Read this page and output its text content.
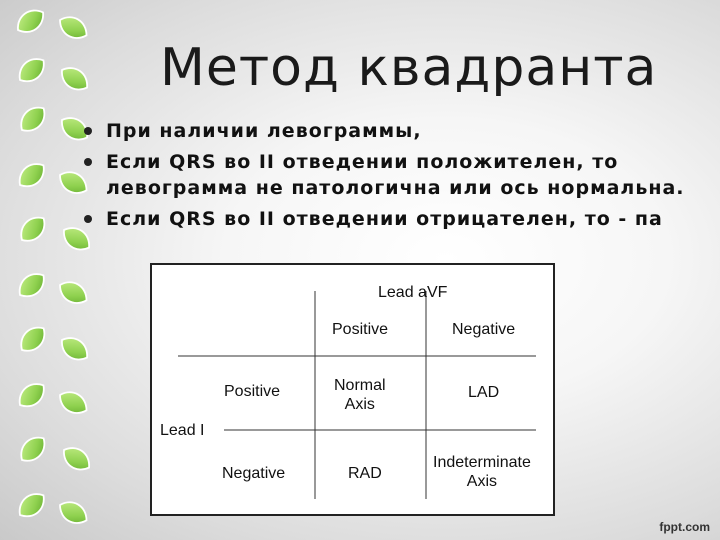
Метод квадранта
При наличии левограммы,
Если QRS во II отведении положителен, то левограмма не патологична или ось нормальна.
Если QRS во II отведении отрицателен, то - па
Lead aVF
Positive	Negative
Positive
Lead I
Negative
Normal
Axis
LAD
RAD
Indeterminate
Axis
fppt.com
